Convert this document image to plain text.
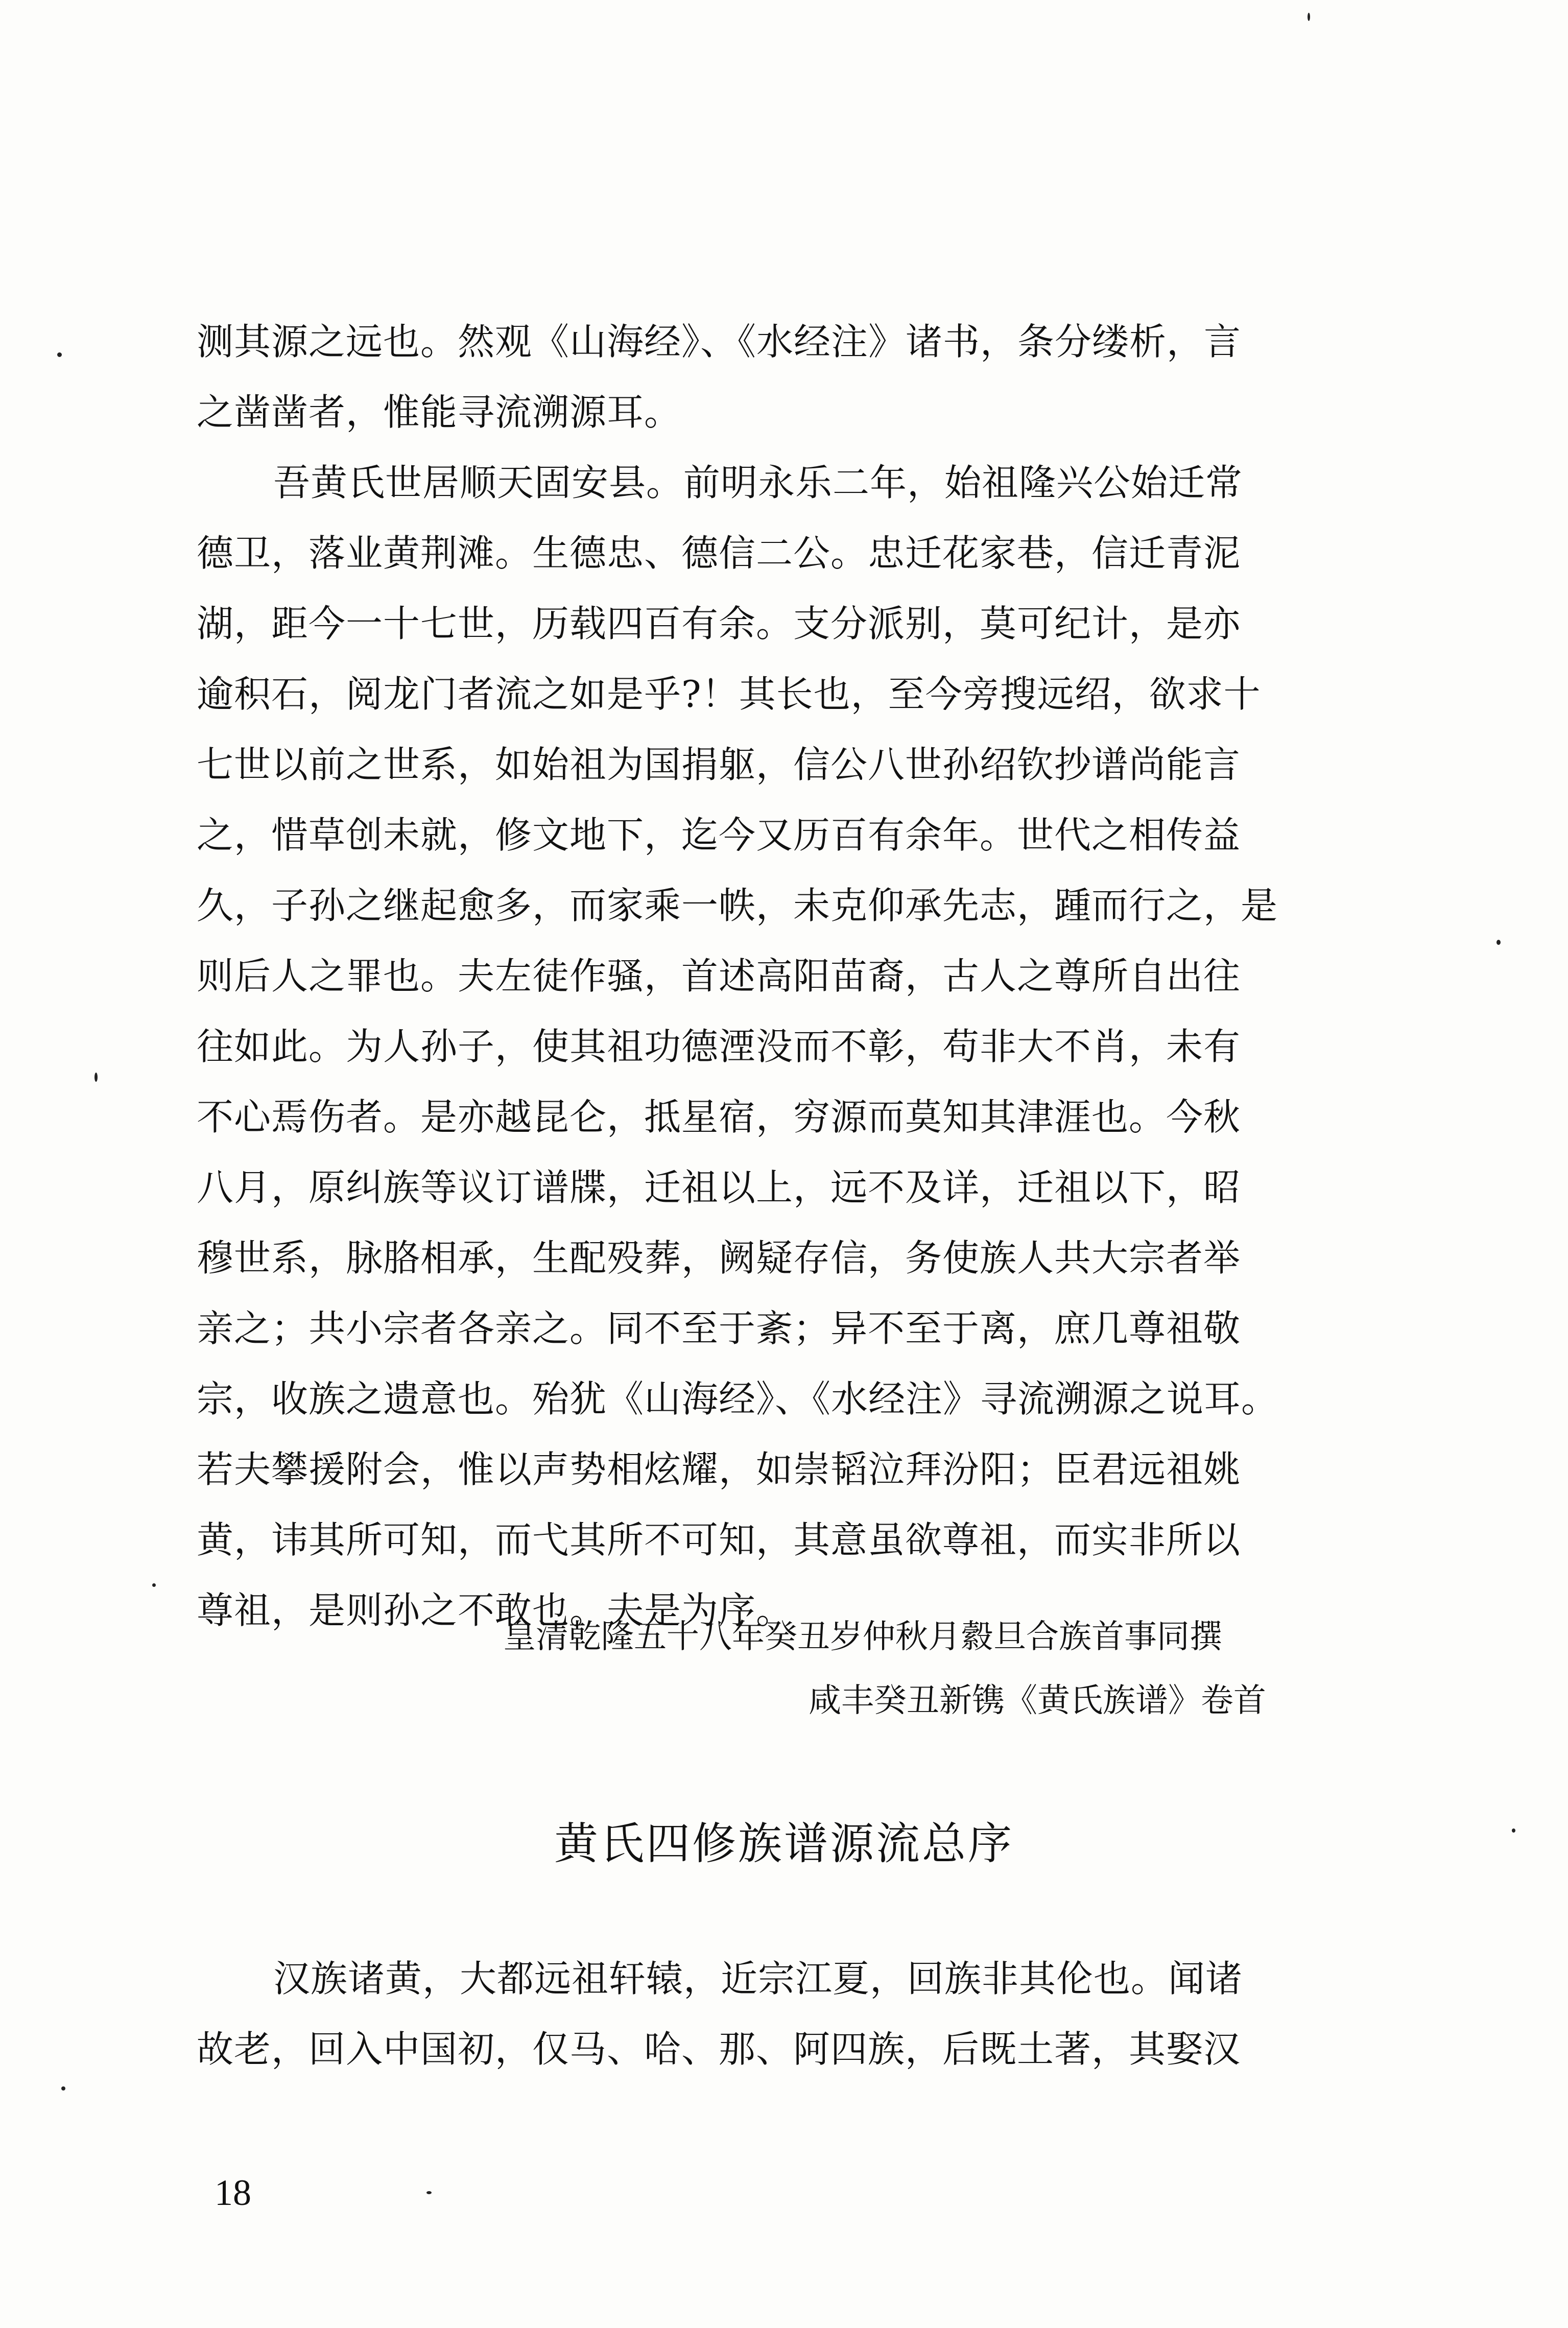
测其源之远也。然观《山海经》、《水经注》诸书，条分缕析，言
之凿凿者，惟能寻流溯源耳。
吾黄氏世居顺天固安县。前明永乐二年，始祖隆兴公始迁常
德卫，落业黄荆滩。生德忠、德信二公。忠迁花家巷，信迁青泥
湖，距今一十七世，历载四百有余。支分派别，莫可纪计，是亦
逾积石，阅龙门者流之如是乎?！其长也，至今旁搜远绍，欲求十
七世以前之世系，如始祖为国捐躯，信公八世孙绍钦抄谱尚能言
之，惜草创未就，修文地下，迄今又历百有余年。世代之相传益
久，子孙之继起愈多，而家乘一帙，未克仰承先志，踵而行之，是
则后人之罪也。夫左徒作骚，首述高阳苗裔，古人之尊所自出往
往如此。为人孙子，使其祖功德湮没而不彰，苟非大不肖，未有
不心焉伤者。是亦越昆仑，抵星宿，穷源而莫知其津涯也。今秋
八月，原纠族等议订谱牒，迁祖以上，远不及详，迁祖以下，昭
穆世系，脉胳相承，生配殁葬，阙疑存信，务使族人共大宗者举
亲之；共小宗者各亲之。同不至于紊；异不至于离，庶几尊祖敬
宗，收族之遗意也。殆犹《山海经》、《水经注》寻流溯源之说耳。
若夫攀援附会，惟以声势相炫耀，如崇韬泣拜汾阳；臣君远祖姚
黄，讳其所可知，而弋其所不可知，其意虽欲尊祖，而实非所以
尊祖，是则孙之不敢也。夫是为序。
皇清乾隆五十八年癸丑岁仲秋月縠旦合族首事同撰
咸丰癸丑新镌《黄氏族谱》卷首
黄氏四修族谱源流总序
汉族诸黄，大都远祖轩辕，近宗江夏，回族非其伦也。闻诸
故老，回入中国初，仅马、哈、那、阿四族，后既土著，其娶汉
18
